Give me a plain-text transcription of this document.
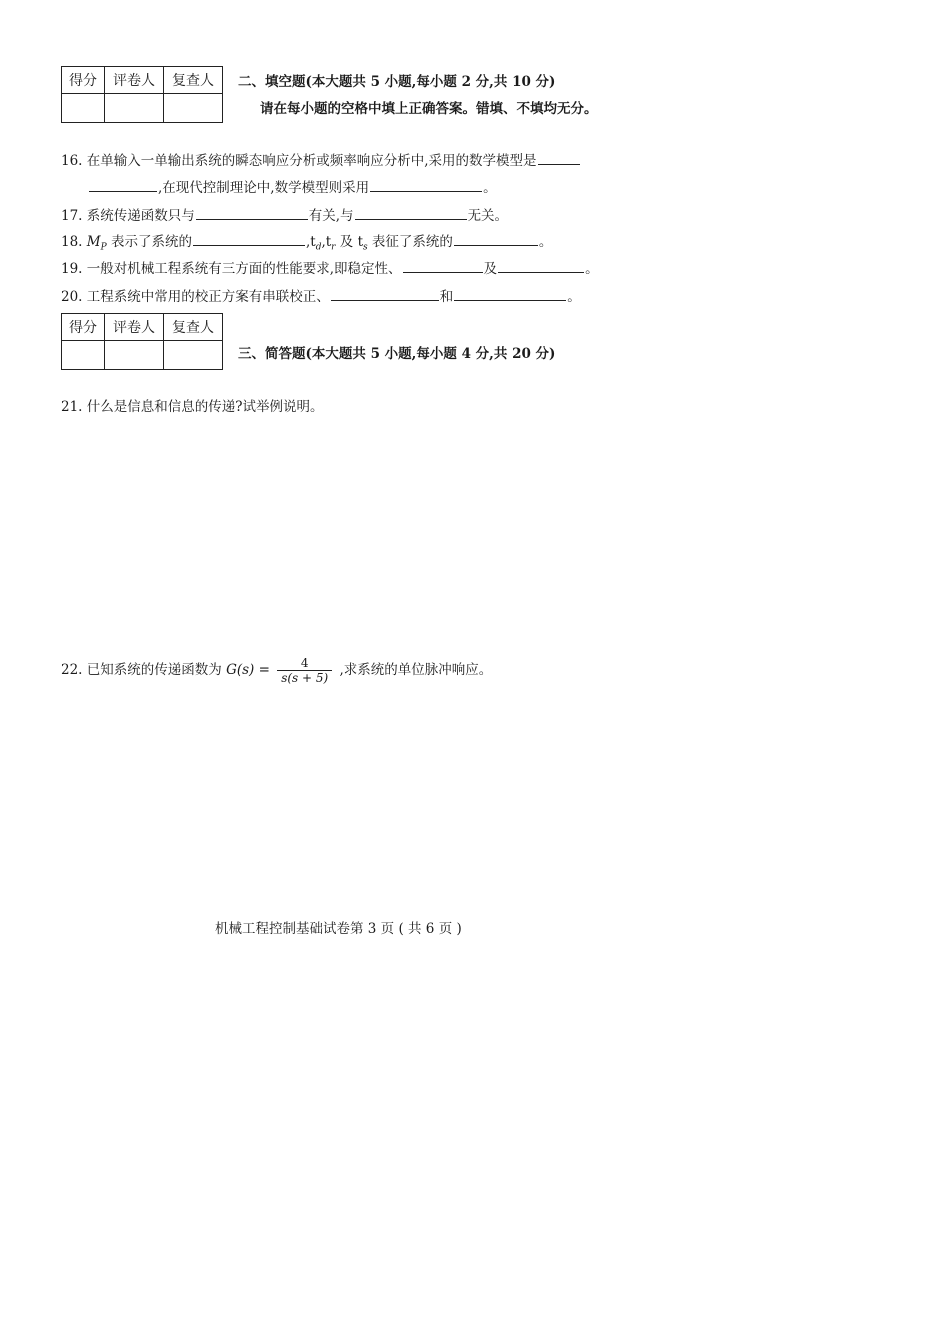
得分	评卷人	复查人
		二、填空题(本大题共 5 小题,每小题 2 分,共 10 分)
请在每小题的空格中填上正确答案。错填、不填均无分。
16. 在单输入一单输出系统的瞬态响应分析或频率响应分析中,采用的数学模型是
,在现代控制理论中,数学模型则采用	。
17. 系统传递函数只与	有关,与	无关。
18. $M_P$ 表示了系统的	$,t_d,t_r$ 及 $t_s$ 表征了系统的	。
19. 一般对机械工程系统有三方面的性能要求,即稳定性、	及	。
20. 工程系统中常用的校正方案有串联校正、	和	。
得分	评卷人	复查人

三、简答题(本大题共 5 小题,每小题 4 分,共 20 分)
21. 什么是信息和信息的传递?试举例说明。
22. 已知系统的传递函数为 $G(s) = \frac{4}{s(s + 5)}$ ,求系统的单位脉冲响应。
机械工程控制基础试卷第 3 页 ( 共 6 页 )
